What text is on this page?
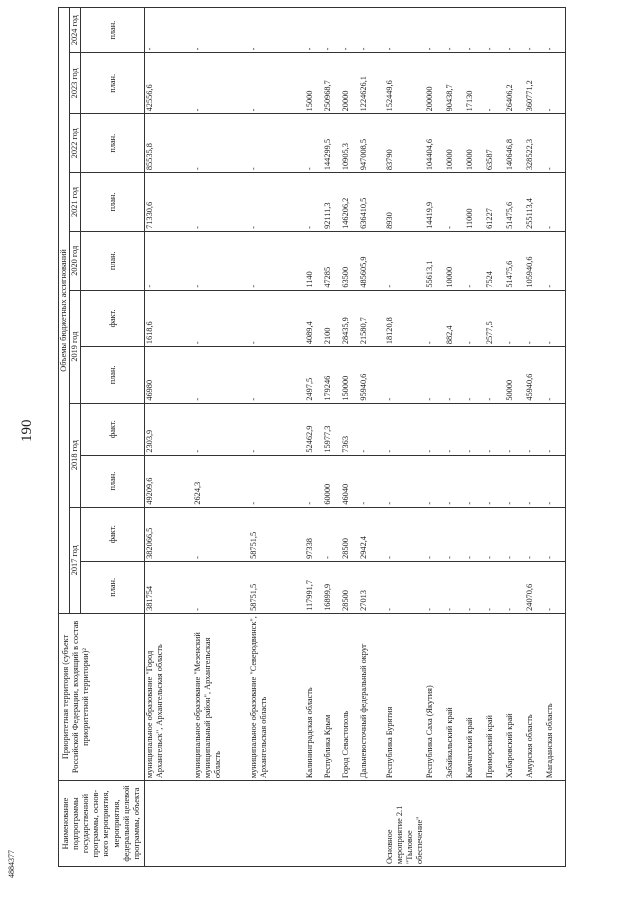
190
4884377
Наименование подпрограммы государственной программы, основ-ного мероприятия, мероприятия, федеральной целевой программы, объекта	Приоритетная территория (субъект Российской Федерации, входящий в состав приоритетной территории)²	Объемы бюджетных ассигнований										
		2017 год		2018 год		2019 год		2020 год	2021 год	2022 год	2023 год	2024 год
		план.	факт.	план.	факт.	план.	факт.	план.	план.	план.	план.	план.
	муниципальное образование "Город Архангельск", Архангельская область	381754	382066,5	49209,6	2303,9	46980	1618,6	-	71330,6	85535,8	42556,6	-
	муниципальное образование "Мезенский муниципальный район", Архангельская область	-	-	2624,3	-	-	-	-	-	-	-	-
	муниципальное образование "Северодвинск", Архангельская область	58751,5	58751,5	-	-	-	-	-	-	-	-	-
	Калининградская область	117991,7	97338	-	52462,9	2497,5	4089,4	1140	-	-	15000	-
	Республика Крым	16899,9	-	60000	15977,3	179246	2100	47285	92111,3	144299,5	250968,7	-
	Город Севастополь	28500	28500	46040	7363	150000	28435,9	63500	146206,2	10905,3	20000	-
	Дальневосточный федеральный округ	27013	2942,4	-	-	95940,6	21580,7	485605,9	636410,5	947008,5	1224626,1	-
Основное мероприятие 2.1 "Тыловое обеспечение"	Республика Бурятия	-	-	-	-	-	18120,8	-	8930	83790	152449,6	-
	Республика Саха (Якутия)	-	-	-	-	-	-	55613,1	14419,9	104404,6	200000	-
	Забайкальский край	-	-	-	-	-	882,4	10000	-	10000	90438,7	-
	Камчатский край	-	-	-	-	-	-	-	11000	10000	17130	-
	Приморский край	-	-	-	-	-	2577,5	7524	61227	63587	-	-
	Хабаровский край	-	-	-	-	50000	-	51475,6	51475,6	140646,8	26406,2	-
	Амурская область	24070,6	-	-	-	45940,6	-	105940,6	255113,4	328522,3	360771,2	-
	Магаданская область	-	-	-	-	-	-	-	-	-	-	-
